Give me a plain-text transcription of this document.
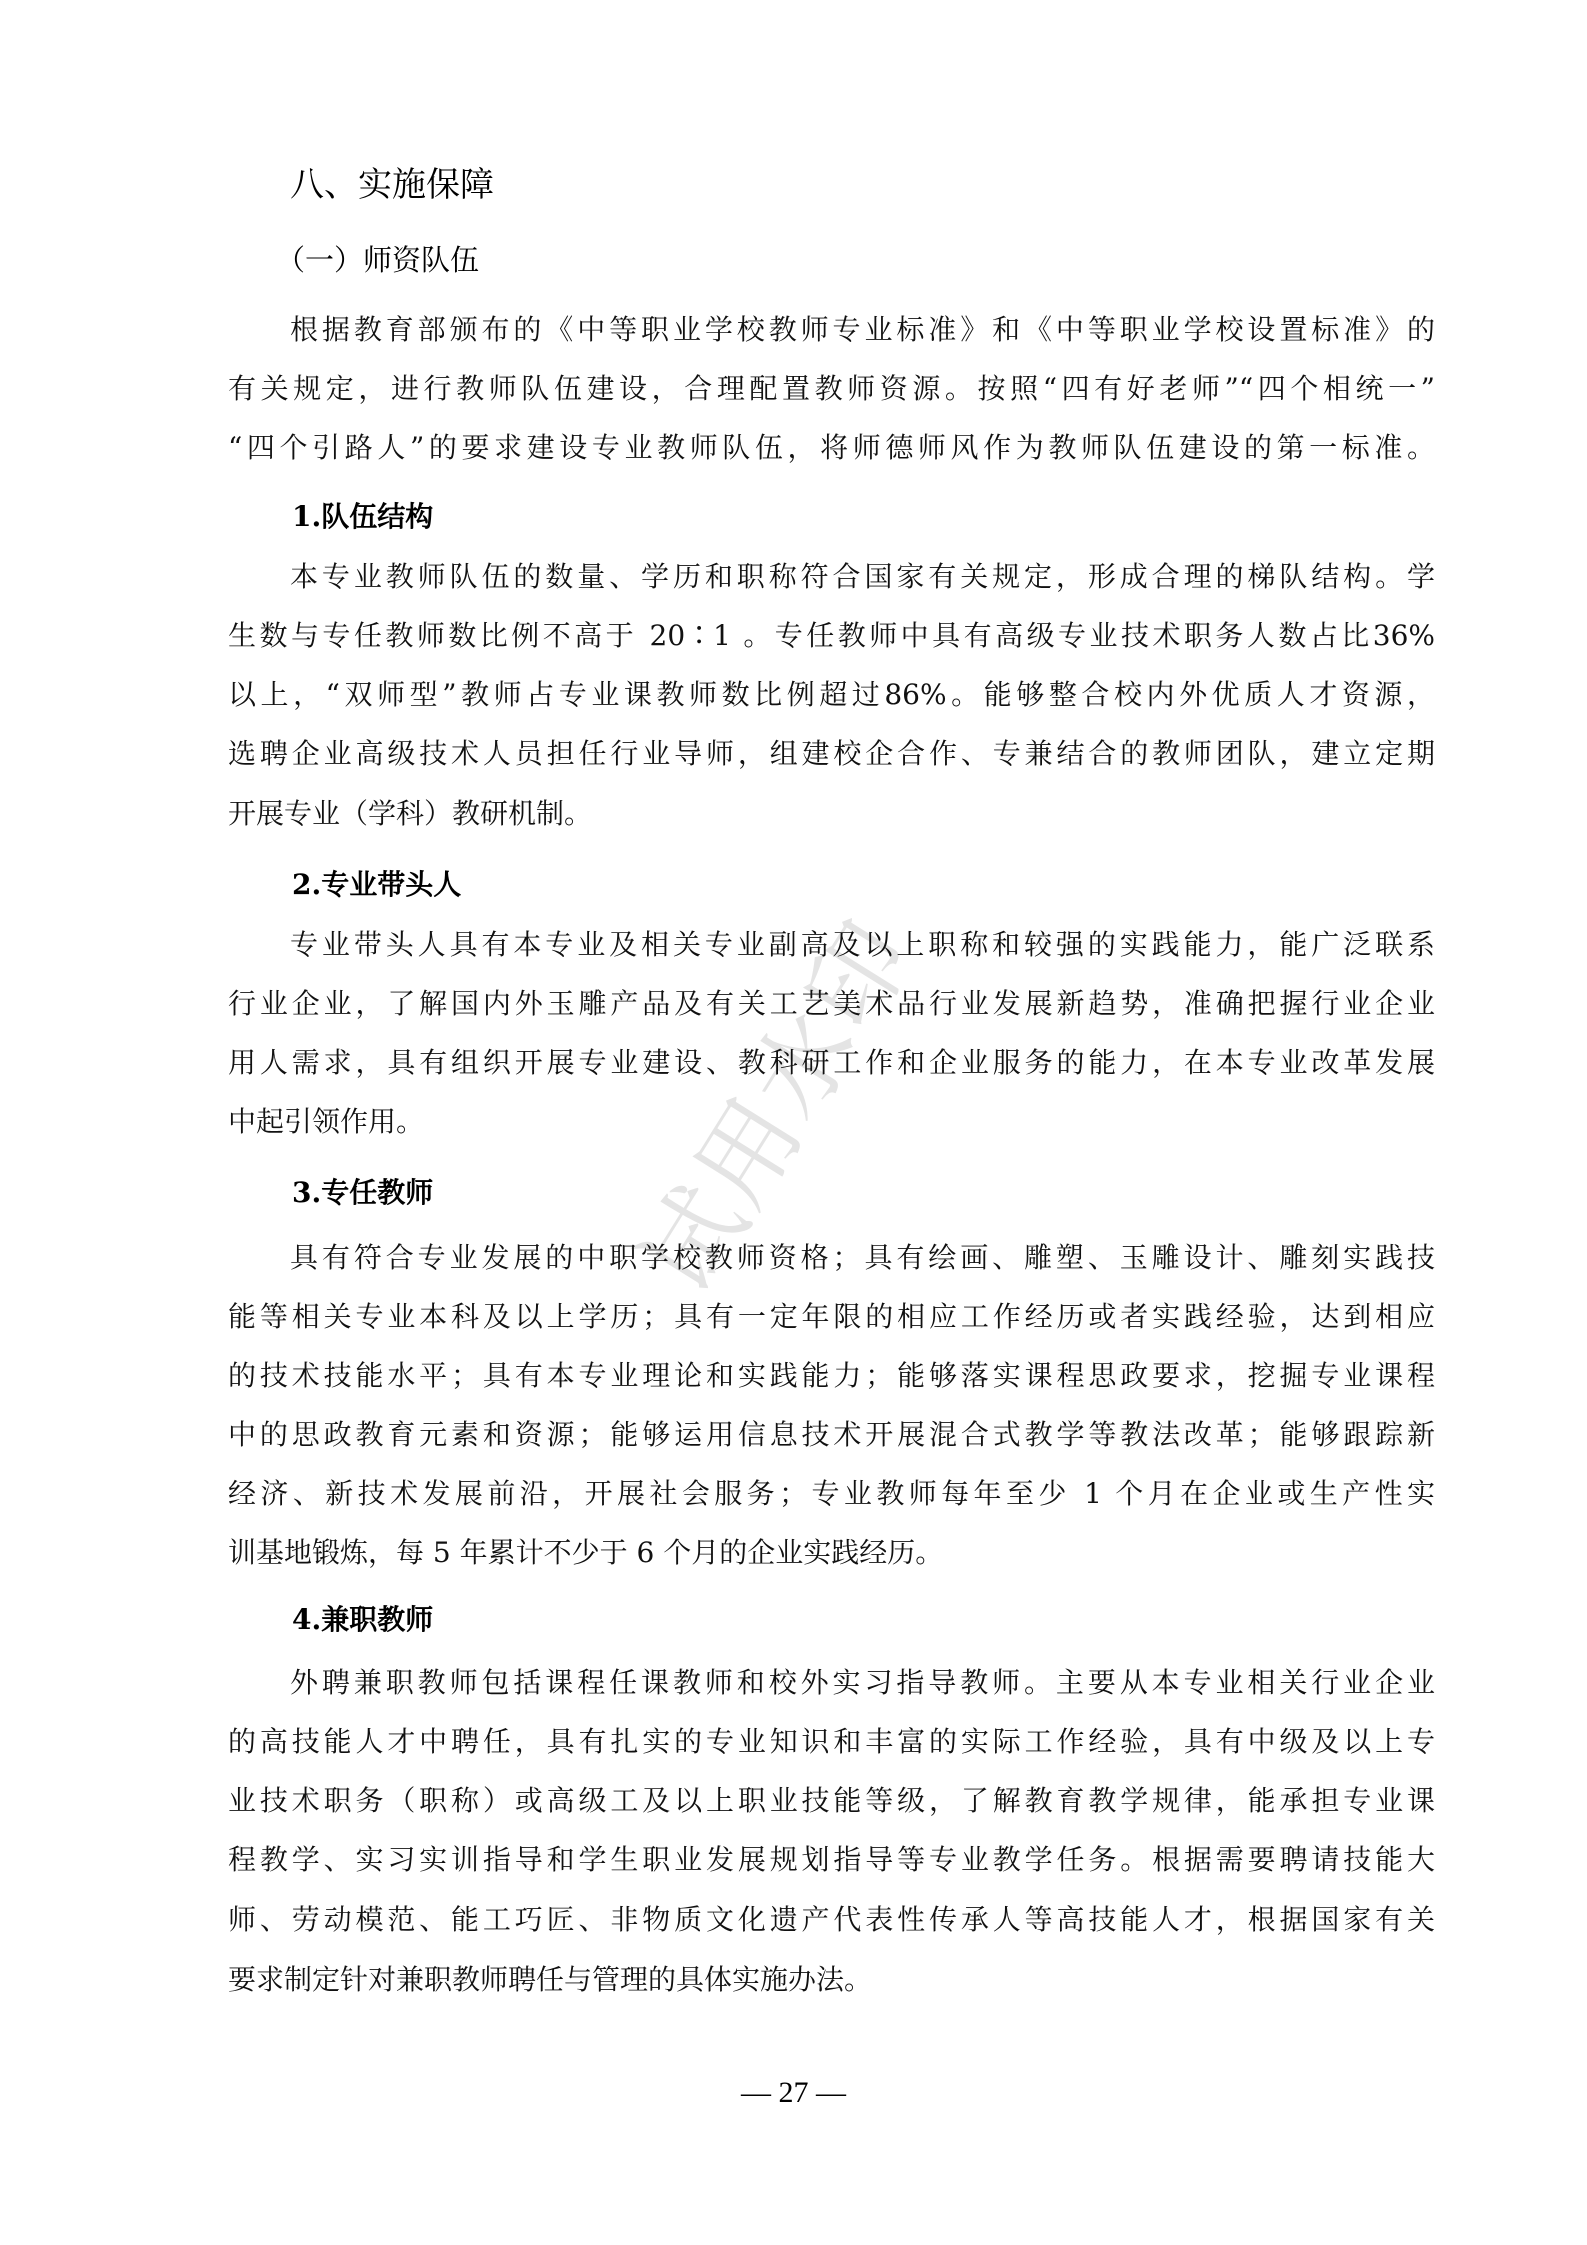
试用水印
八、实施保障
（一）师资队伍
根据教育部颁布的《中等职业学校教师专业标准》和《中等职业学校设置标准》的
有关规定，进行教师队伍建设，合理配置教师资源。按照“四有好老师”“四个相统一”
“四个引路人”的要求建设专业教师队伍，将师德师风作为教师队伍建设的第一标准。
1.队伍结构
本专业教师队伍的数量、学历和职称符合国家有关规定，形成合理的梯队结构。学
生数与专任教师数比例不高于 20∶1 。专任教师中具有高级专业技术职务人数占比36%
以上，“双师型”教师占专业课教师数比例超过86%。能够整合校内外优质人才资源，
选聘企业高级技术人员担任行业导师，组建校企合作、专兼结合的教师团队，建立定期
开展专业（学科）教研机制。
2.专业带头人
专业带头人具有本专业及相关专业副高及以上职称和较强的实践能力，能广泛联系
行业企业，了解国内外玉雕产品及有关工艺美术品行业发展新趋势，准确把握行业企业
用人需求，具有组织开展专业建设、教科研工作和企业服务的能力，在本专业改革发展
中起引领作用。
3.专任教师
具有符合专业发展的中职学校教师资格；具有绘画、雕塑、玉雕设计、雕刻实践技
能等相关专业本科及以上学历；具有一定年限的相应工作经历或者实践经验，达到相应
的技术技能水平；具有本专业理论和实践能力；能够落实课程思政要求，挖掘专业课程
中的思政教育元素和资源；能够运用信息技术开展混合式教学等教法改革；能够跟踪新
经济、新技术发展前沿，开展社会服务；专业教师每年至少 1 个月在企业或生产性实
训基地锻炼，每 5 年累计不少于 6 个月的企业实践经历。
4.兼职教师
外聘兼职教师包括课程任课教师和校外实习指导教师。主要从本专业相关行业企业
的高技能人才中聘任，具有扎实的专业知识和丰富的实际工作经验，具有中级及以上专
业技术职务（职称）或高级工及以上职业技能等级，了解教育教学规律，能承担专业课
程教学、实习实训指导和学生职业发展规划指导等专业教学任务。根据需要聘请技能大
师、劳动模范、能工巧匠、非物质文化遗产代表性传承人等高技能人才，根据国家有关
要求制定针对兼职教师聘任与管理的具体实施办法。
— 27 —
